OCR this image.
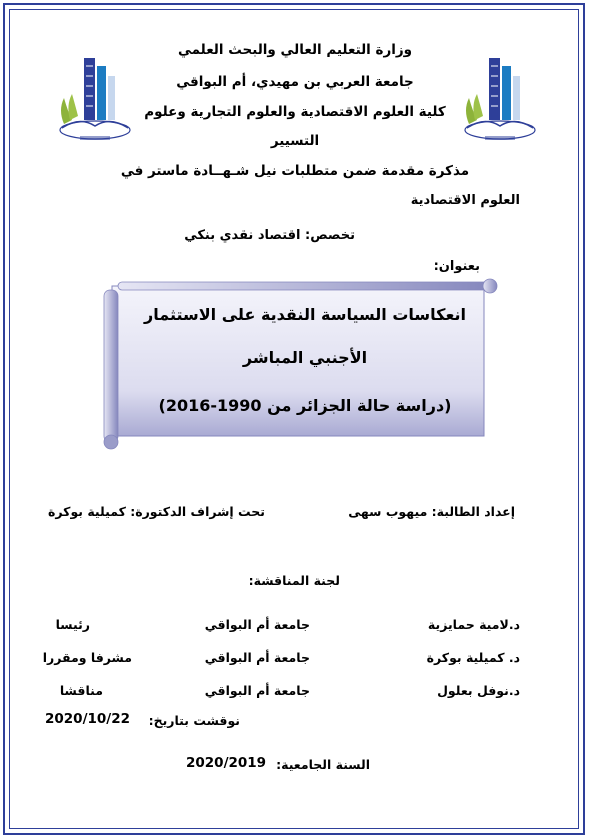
وزارة التعليم العالي والبحث العلمي
جامعة العربي بن مهيدي، أم البواقي
كلية العلوم الاقتصادية والعلوم التجارية وعلوم
التسيير
مذكرة مقدمة ضمن متطلبات نيل شـهــادة ماستر في
العلوم الاقتصادية
تخصص: اقتصاد نقدي بنكي
بعنوان:
انعكاسات السياسة النقدية على الاستثمار
الأجنبي المباشر
(دراسة حالة الجزائر من 1990-2016)
إعداد الطالبة: ميهوب سهى
تحت إشراف الدكتورة: كميلية بوكرة
لجنة المناقشة:
د.لامية حمايزية
جامعة أم البواقي
رئيسا
د. كميلية بوكرة
جامعة أم البواقي
مشرفا ومقررا
د.نوفل بعلول
جامعة أم البواقي
مناقشا
نوقشت بتاريخ:
2020/10/22
السنة الجامعية:
2020/2019
